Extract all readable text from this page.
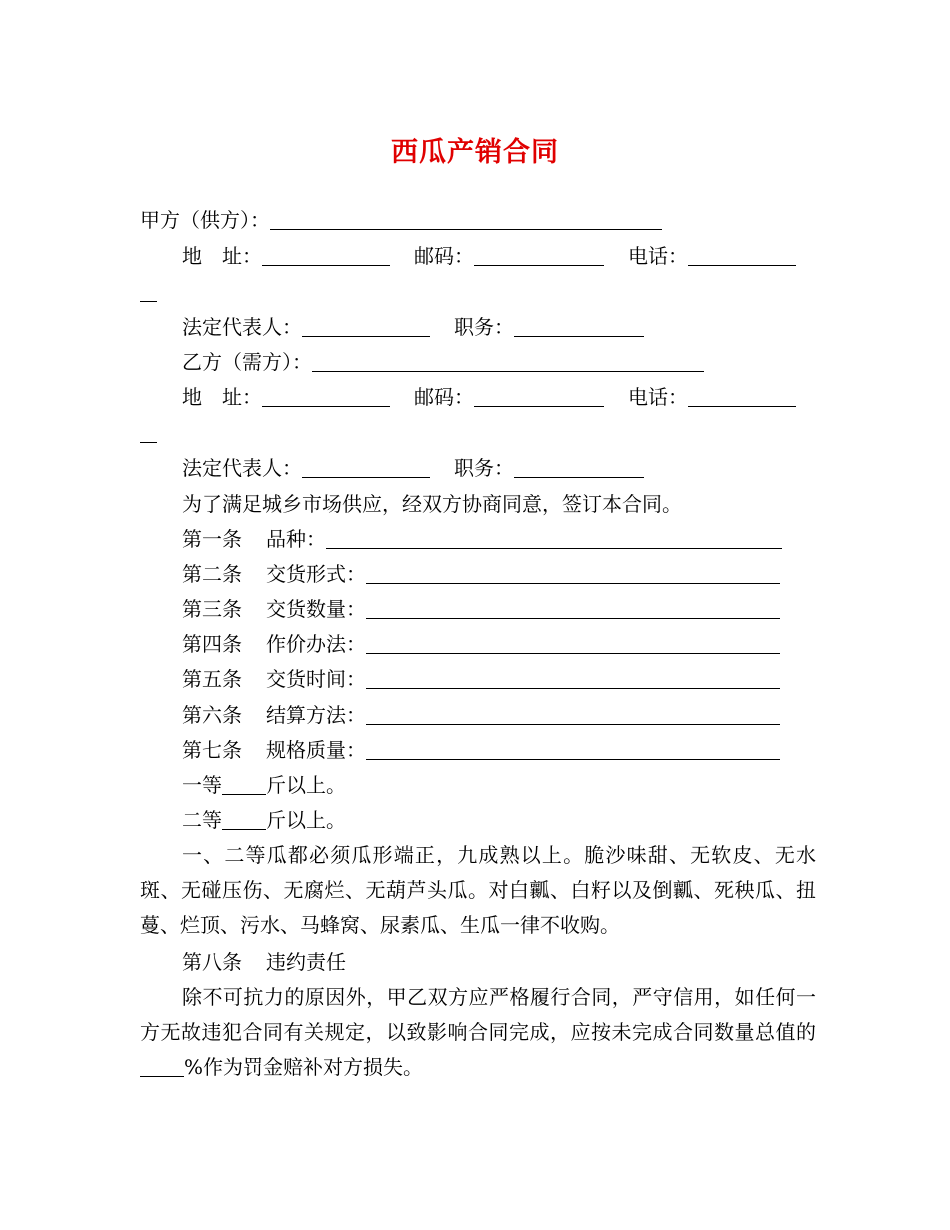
西瓜产销合同
甲方（供方）：
地　址：	邮码：	电话：
法定代表人：	职务：
乙方（需方）：
地　址：	邮码：	电话：
法定代表人：	职务：
为了满足城乡市场供应，经双方协商同意，签订本合同。
第一条 品种：
第二条 交货形式：
第三条 交货数量：
第四条 作价办法：
第五条 交货时间：
第六条 结算方法：
第七条 规格质量：
一等 斤以上。
二等 斤以上。
一、二等瓜都必须瓜形端正，九成熟以上。脆沙味甜、无软皮、无水斑、无碰压伤、无腐烂、无葫芦头瓜。对白瓤、白籽以及倒瓤、死秧瓜、扭蔓、烂顶、污水、马蜂窝、尿素瓜、生瓜一律不收购。
第八条 违约责任
除不可抗力的原因外，甲乙双方应严格履行合同，严守信用，如任何一方无故违犯合同有关规定，以致影响合同完成，应按未完成合同数量总值的%作为罚金赔补对方损失。
